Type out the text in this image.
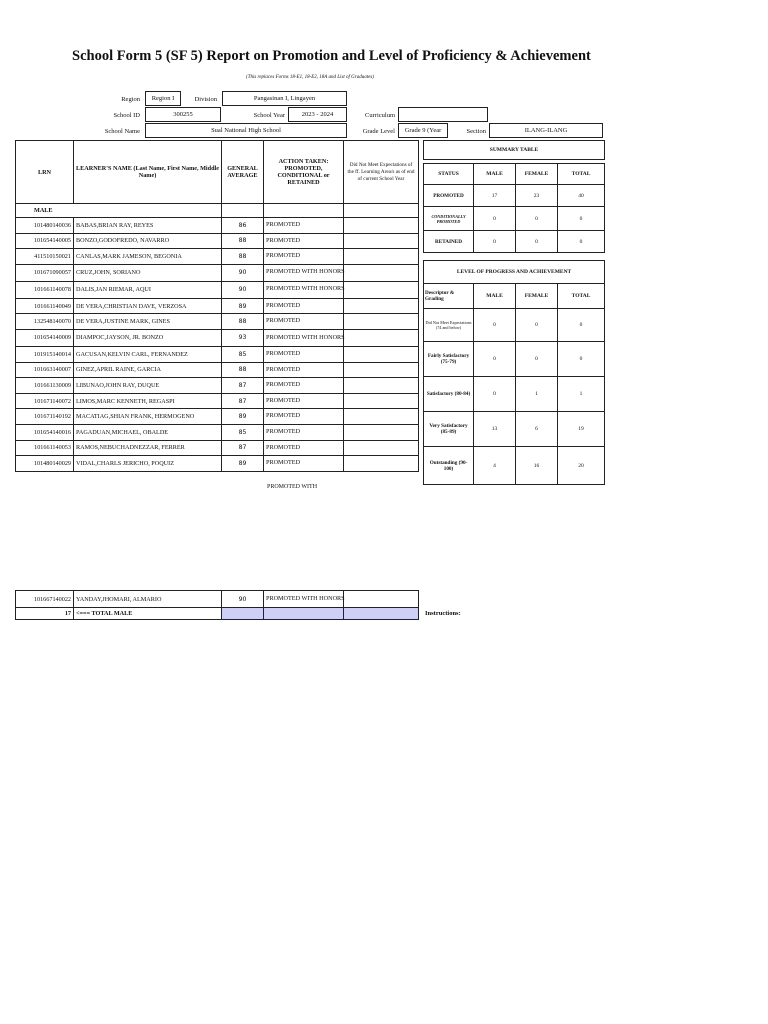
School Form 5 (SF 5) Report on Promotion and Level of Proficiency & Achievement
(This replaces Forms 18-E1, 18-E2, 18A and List of Graduates)
Region	Region I	Division	Pangasinan I, Lingayen
School ID	300255	School Year	2023 - 2024	Curriculum
School Name	Sual National High School	Grade Level	Grade 9 (Year	Section	ILANG-ILANG
LRN	LEARNER'S NAME (Last Name, First Name, Middle Name)	GENERAL AVERAGE	ACTION TAKEN: PROMOTED, CONDITIONAL or RETAINED	Did Not Meet Expectations of the ff. Learning Area/s as of end of current School Year
MALE				
101480140036	BABAS,BRIAN RAY, REYES	86	PROMOTED	
101654140005	BONZO,GODOFREDO, NAVARRO	88	PROMOTED	
411510150021	CANLAS,MARK JAMESON, BEGONIA	88	PROMOTED	
101671090057	CRUZ,JOHN, SORIANO	90	PROMOTED WITH HONORS	
101661140078	DALIS,JAN RIEMAR, AQUI	90	PROMOTED WITH HONORS	
101661140049	DE VERA,CHRISTIAN DAVE, VERZOSA	89	PROMOTED	
132548140070	DE VERA,JUSTINE MARK, GINES	88	PROMOTED	
101654140009	DIAMPOC,JAYSON, JR. BONZO	93	PROMOTED WITH HONORS	
101915140014	GACUSAN,KELVIN CARL, FERNANDEZ	85	PROMOTED	
101663140007	GINEZ,APRIL RAINE, GARCIA	88	PROMOTED	
101661130009	LIBUNAO,JOHN RAY, DUQUE	87	PROMOTED	
101671140072	LIMOS,MARC KENNETH, REGASPI	87	PROMOTED	
101671140192	MACATIAG,SHIAN FRANK, HERMOGENO	89	PROMOTED	
101654140016	PAGADUAN,MICHAEL, OBALDE	85	PROMOTED	
101661140053	RAMOS,NEBUCHADNEZZAR, FERRER	87	PROMOTED	
101480140029	VIDAL,CHARLS JERICHO, POQUIZ	89	PROMOTED	
PROMOTED WITH
101667140022	YANDAY,JHOMARI, ALMARIO	90	PROMOTED WITH HONORS	
17	<=== TOTAL MALE				Instructions:
SUMMARY TABLE			

STATUS	MALE	FEMALE	TOTAL
PROMOTED	17	23	40
CONDITIONALLY PROMOTED	0	0	0
RETAINED	0	0	0
LEVEL OF PROGRESS AND ACHIEVEMENT			
Descriptor & Grading	MALE	FEMALE	TOTAL
Did Not Meet Expectations (74 and below)	0	0	0
Fairly Satisfactory (75-79)	0	0	0
Satisfactory (80-84)	0	1	1
Very Satisfactory (85-89)	13	6	19
Outstanding (90-100)	4	16	20
